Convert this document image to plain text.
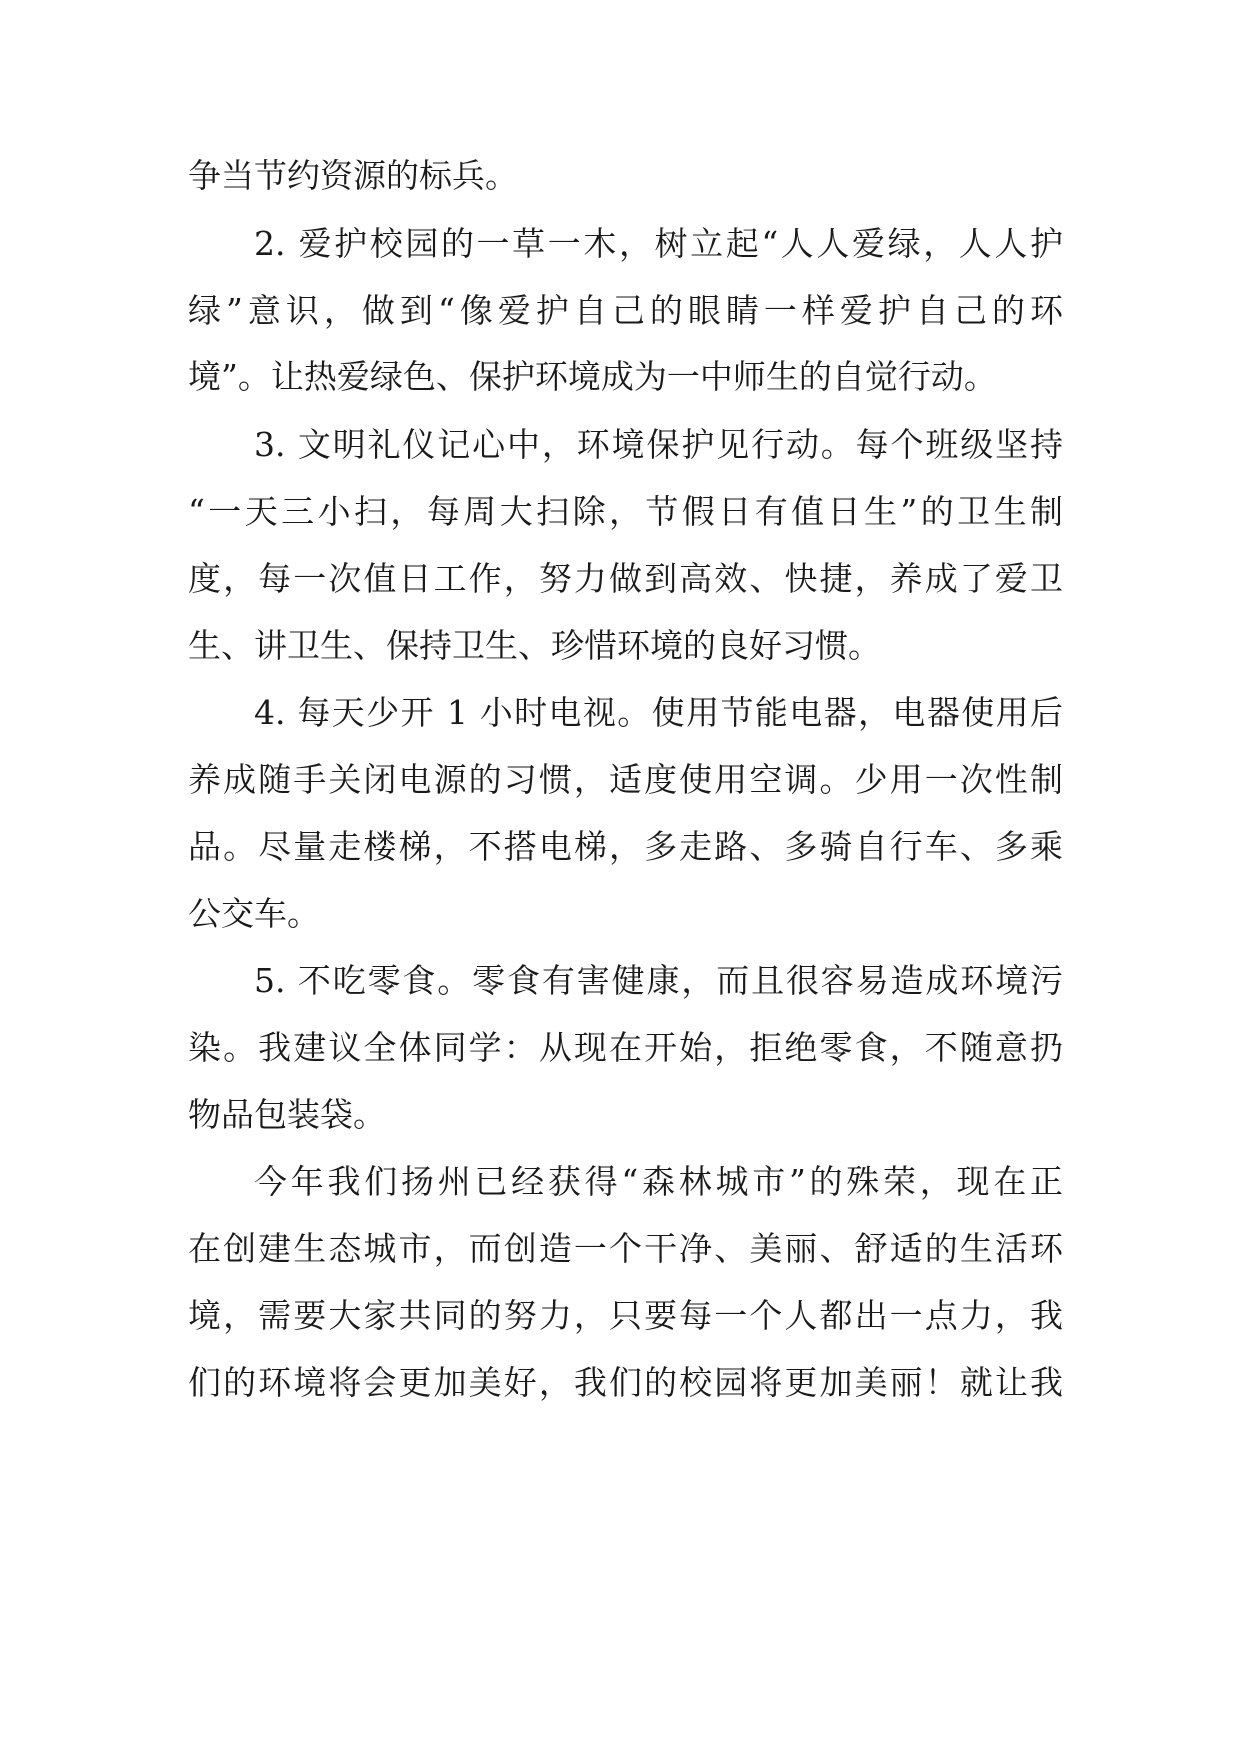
争当节约资源的标兵。
2. 爱护校园的一草一木，树立起“人人爱绿，人人护
绿”意识，做到“像爱护自己的眼睛一样爱护自己的环
境”。让热爱绿色、保护环境成为一中师生的自觉行动。
3. 文明礼仪记心中，环境保护见行动。每个班级坚持
“一天三小扫，每周大扫除，节假日有值日生”的卫生制
度，每一次值日工作，努力做到高效、快捷，养成了爱卫
生、讲卫生、保持卫生、珍惜环境的良好习惯。
4. 每天少开 1 小时电视。使用节能电器，电器使用后
养成随手关闭电源的习惯，适度使用空调。少用一次性制
品。尽量走楼梯，不搭电梯，多走路、多骑自行车、多乘
公交车。
5. 不吃零食。零食有害健康，而且很容易造成环境污
染。我建议全体同学：从现在开始，拒绝零食，不随意扔
物品包装袋。
今年我们扬州已经获得“森林城市”的殊荣，现在正
在创建生态城市，而创造一个干净、美丽、舒适的生活环
境，需要大家共同的努力，只要每一个人都出一点力，我
们的环境将会更加美好，我们的校园将更加美丽！就让我
